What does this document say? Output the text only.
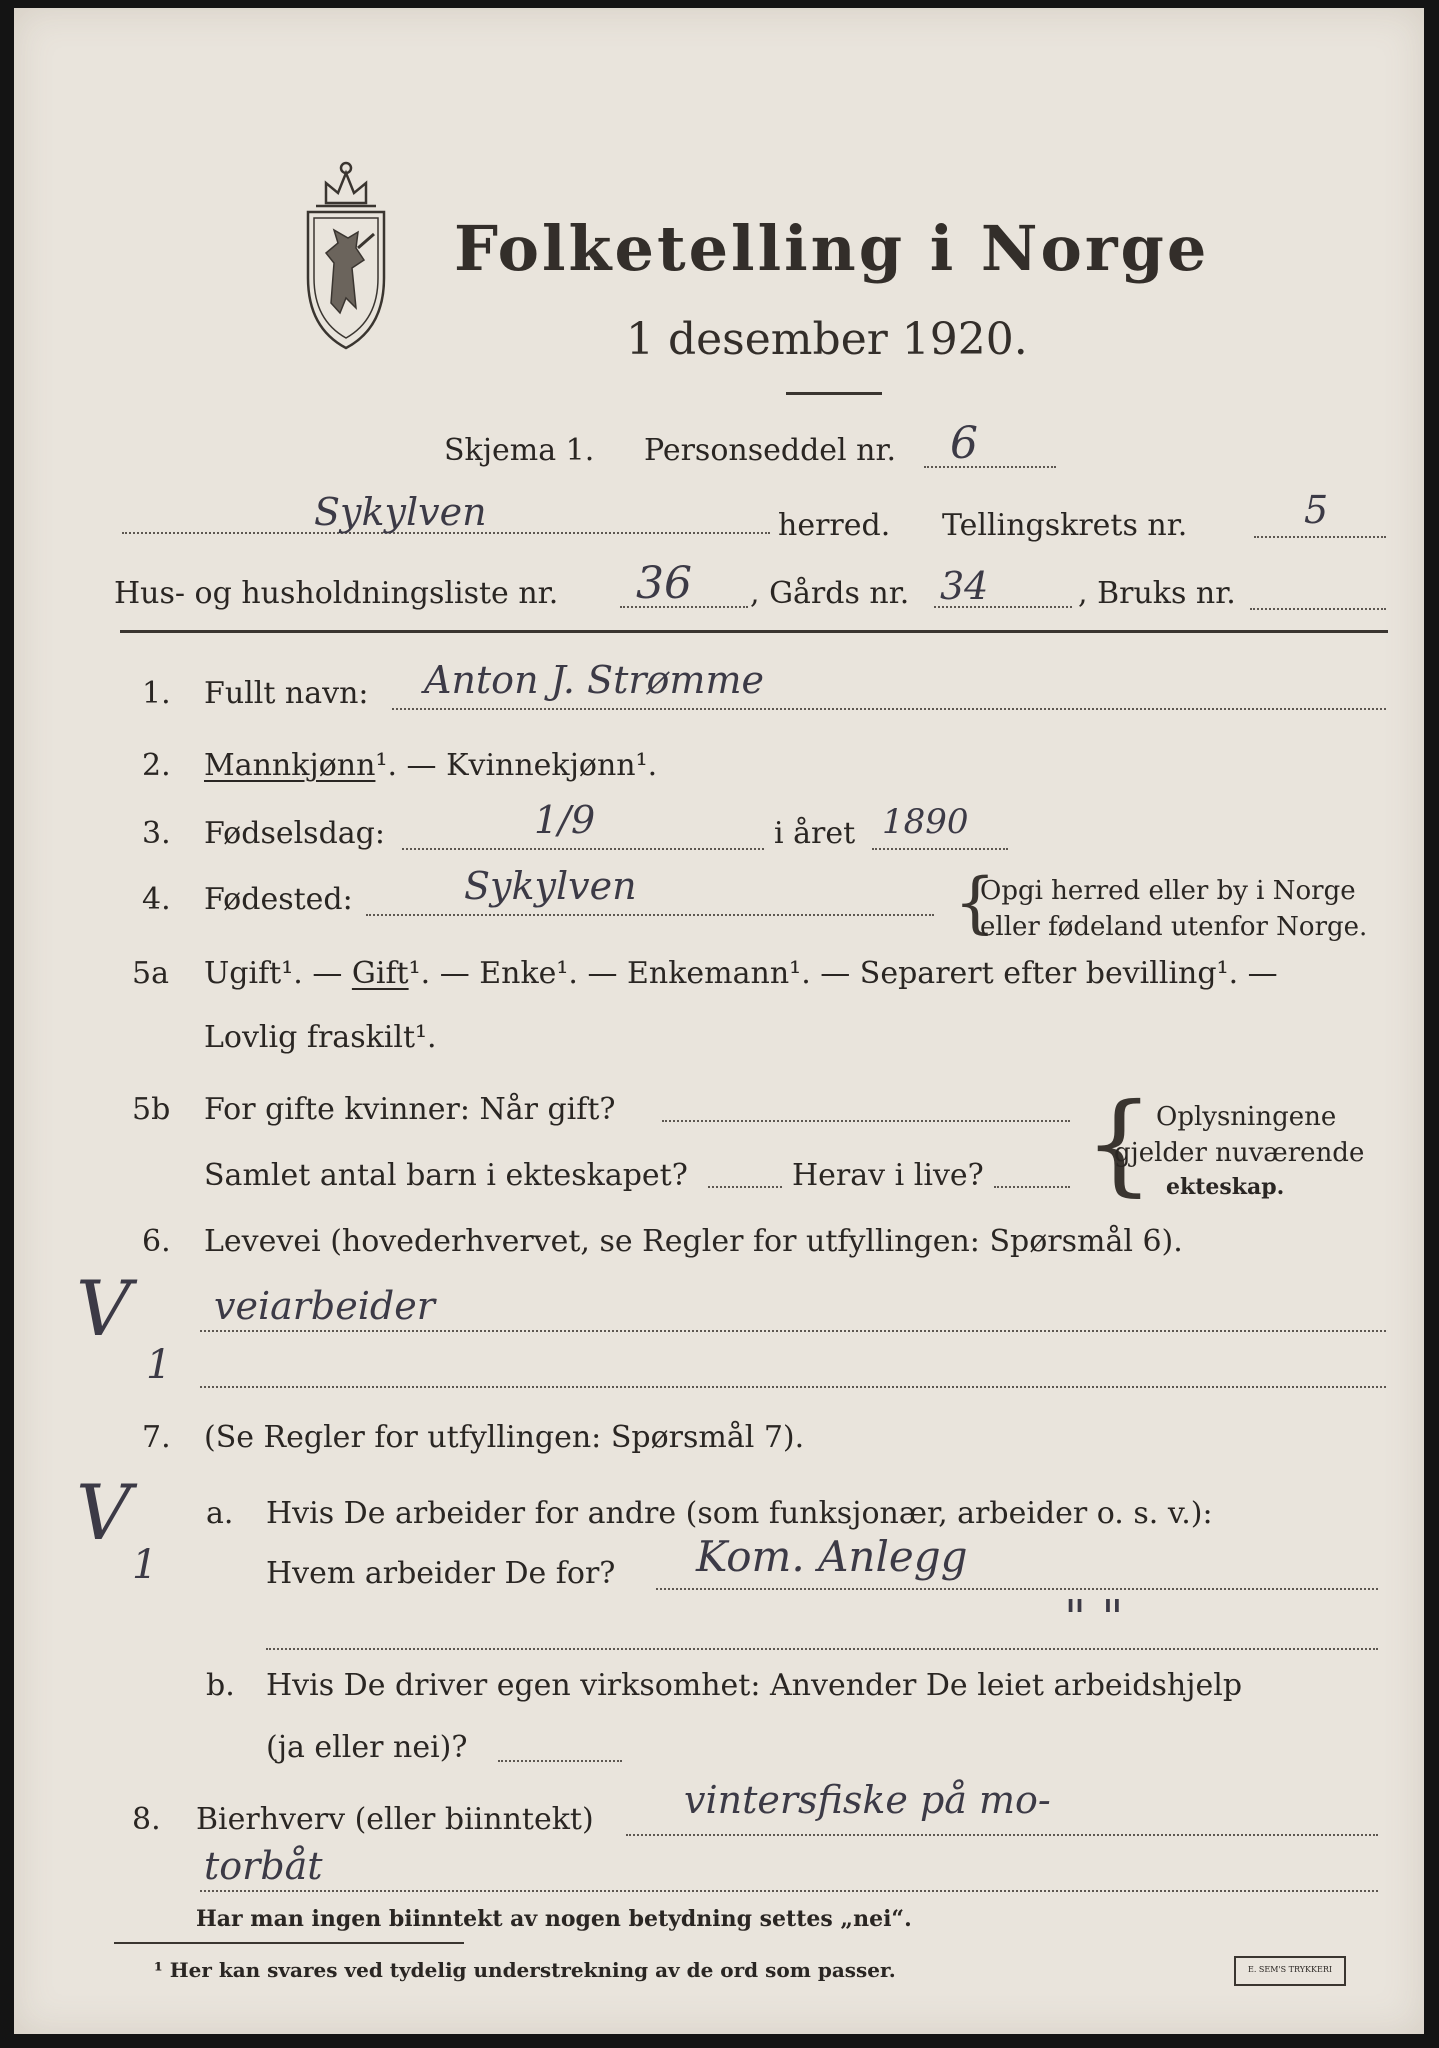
Folketelling i Norge
1 desember 1920.
Skjema 1. Personseddel nr. 6
Sykylven	herred. Tellingskrets nr.	5
Hus- og husholdningsliste nr. 36 , Gårds nr. 34	, Bruks nr.
1. Fullt navn: Anton J. Strømme
2. Mannkjønn¹. — Kvinnekjønn¹.
3. Fødselsdag:	1/9	i året 1890
4. Fødested:	Sykylven	{
Opgi herred eller by i Norge
eller fødeland utenfor Norge.
5a Ugift¹. — Gift¹. — Enke¹. — Enkemann¹. — Separert efter bevilling¹. —
Lovlig fraskilt¹.
5b For gifte kvinner: Når gift?
Samlet antal barn i ekteskapet?	Herav i live? { Oplysningene
gjelder nuværende
ekteskap.
6. Levevei (hovederhvervet, se Regler for utfyllingen: Spørsmål 6).
V
1
veiarbeider
7. (Se Regler for utfyllingen: Spørsmål 7).
V
1
a. Hvis De arbeider for andre (som funksjonær, arbeider o. s. v.):
Hvem arbeider De for? Kom. Anlegg
" "
b. Hvis De driver egen virksomhet: Anvender De leiet arbeidshjelp
(ja eller nei)?
8. Bierhverv (eller biinntekt) vintersfiske på mo-
torbåt
Har man ingen biinntekt av nogen betydning settes „nei“.
¹ Her kan svares ved tydelig understrekning av de ord som passer.	E. SEM'S TRYKKERI
